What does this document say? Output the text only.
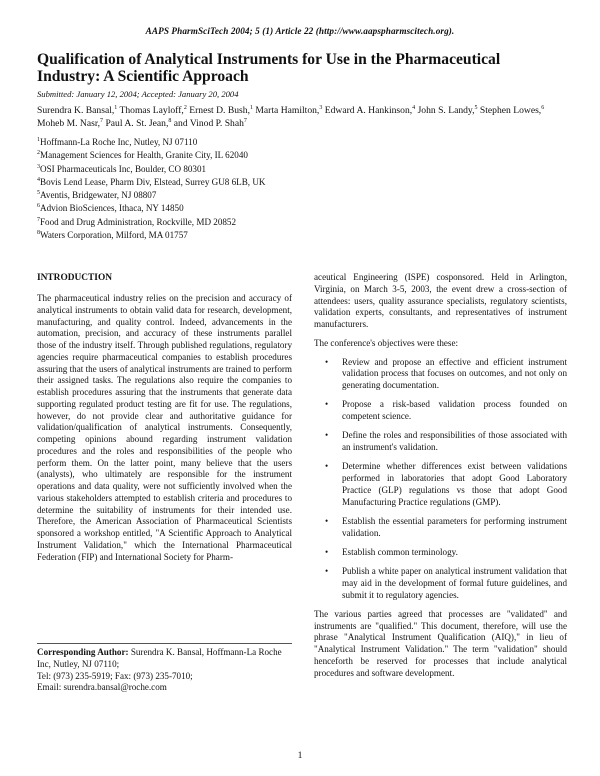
AAPS PharmSciTech 2004; 5 (1) Article 22 (http://www.aapspharmscitech.org).
Qualification of Analytical Instruments for Use in the Pharmaceutical Industry: A Scientific Approach
Submitted: January 12, 2004; Accepted: January 20, 2004
Surendra K. Bansal,$^1$ Thomas Layloff,$^2$ Ernest D. Bush,$^1$ Marta Hamilton,$^3$ Edward A. Hankinson,$^4$ John S. Landy,$^5$ Stephen Lowes,$^6$ Moheb M. Nasr,$^7$ Paul A. St. Jean,$^8$ and Vinod P. Shah$^7$
$^1$Hoffmann-La Roche Inc, Nutley, NJ 07110
$^2$Management Sciences for Health, Granite City, IL 62040
$^3$OSI Pharmaceuticals Inc, Boulder, CO 80301
$^4$Bovis Lend Lease, Pharm Div, Elstead, Surrey GU8 6LB, UK
$^5$Aventis, Bridgewater, NJ 08807
$^6$Advion BioSciences, Ithaca, NY 14850
$^7$Food and Drug Administration, Rockville, MD 20852
$^8$Waters Corporation, Milford, MA 01757
INTRODUCTION

The pharmaceutical industry relies on the precision and accuracy of analytical instruments to obtain valid data for research, development, manufacturing, and quality control. Indeed, advancements in the automation, precision, and accuracy of these instruments parallel those of the industry itself. Through published regulations, regulatory agencies require pharmaceutical companies to establish procedures assuring that the users of analytical instruments are trained to perform their assigned tasks. The regulations also require the companies to establish procedures assuring that the instruments that generate data supporting regulated product testing are fit for use. The regulations, however, do not provide clear and authoritative guidance for validation/qualification of analytical instruments. Consequently, competing opinions abound regarding instrument validation procedures and the roles and responsibilities of the people who perform them. On the latter point, many believe that the users (analysts), who ultimately are responsible for the instrument operations and data quality, were not sufficiently involved when the various stakeholders attempted to establish criteria and procedures to determine the suitability of instruments for their intended use. Therefore, the American Association of Pharmaceutical Scientists sponsored a workshop entitled, "A Scientific Approach to Analytical Instrument Validation," which the International Pharmaceutical Federation (FIP) and International Society for Pharm-

aceutical Engineering (ISPE) cosponsored. Held in Arlington, Virginia, on March 3-5, 2003, the event drew a cross-section of attendees: users, quality assurance specialists, regulatory scientists, validation experts, consultants, and representatives of instrument manufacturers.

The conference's objectives were these:

• Review and propose an effective and efficient instrument validation process that focuses on outcomes, and not only on generating documentation.
• Propose a risk-based validation process founded on competent science.
• Define the roles and responsibilities of those associated with an instrument's validation.
• Determine whether differences exist between validations performed in laboratories that adopt Good Laboratory Practice (GLP) regulations vs those that adopt Good Manufacturing Practice regulations (GMP).
• Establish the essential parameters for performing instrument validation.
• Establish common terminology.
• Publish a white paper on analytical instrument validation that may aid in the development of formal future guidelines, and submit it to regulatory agencies.

The various parties agreed that processes are "validated" and instruments are "qualified." This document, therefore, will use the phrase "Analytical Instrument Qualification (AIQ)," in lieu of "Analytical Instrument Validation." The term "validation" should henceforth be reserved for processes that include analytical procedures and software development.

Corresponding Author: Surendra K. Bansal, Hoffmann-La Roche Inc, Nutley, NJ 07110;
Tel: (973) 235-5919; Fax: (973) 235-7010;
Email: surendra.bansal@roche.com
1
